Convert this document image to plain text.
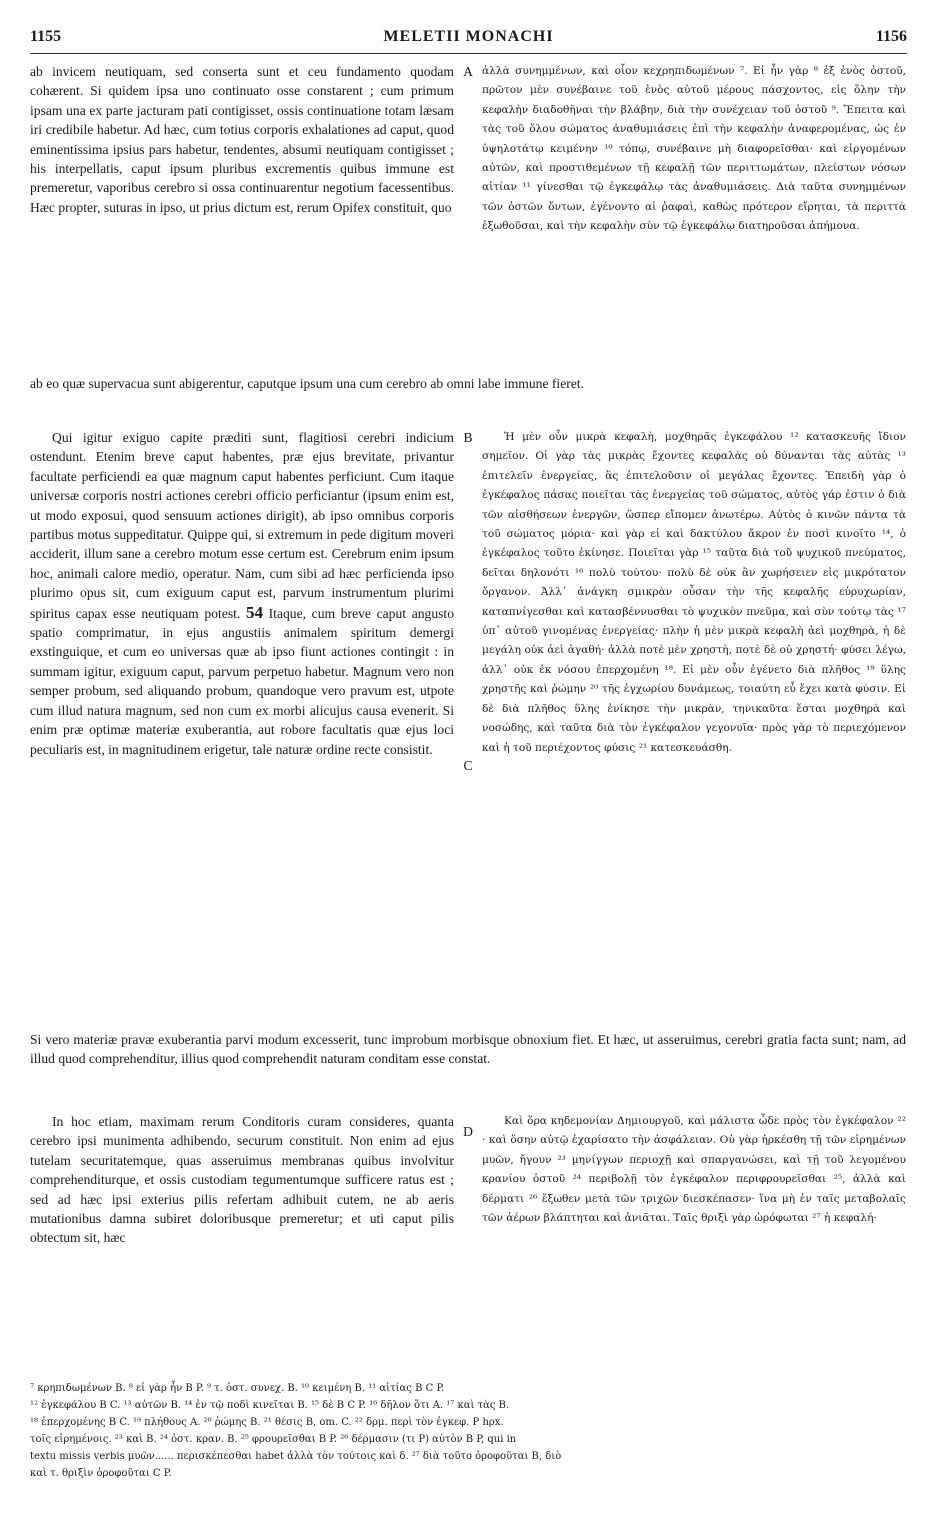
1155	MELETII MONACHI	1156

ab invicem neutiquam, sed conserta sunt et ceu fundamento quodam cohærent. Si quidem ipsa uno continuato osse constarent ; cum primum ipsam una ex parte jacturam pati contigisset, ossis continuatione totam læsam iri credibile habetur. Ad hæc, cum totius corporis exhalationes ad caput, quod eminentissima ipsius pars habetur, tendentes, absumi neutiquam contigisset ; his interpellatis, caput ipsum pluribus excrementis quibus immune est premeretur, vaporibus cerebro si ossa continuarentur negotium facessentibus. Hæc propter, suturas in ipso, ut prius dictum est, rerum Opifex constituit, quo

A ἀλλὰ συνημμένων, καὶ οἷον κεχρηπιδωμένων ⁷. Εἰ ἦν γὰρ ⁸ ἐξ ἑνὸς ὀστοῦ, πρῶτον μὲν συνέβαινε τοῦ ἑνὸς αὐτοῦ μέρους πάσχοντος, εἰς ὅλην τὴν κεφαλὴν διαδοθῆναι τὴν βλάβην, διὰ τὴν συνέχειαν τοῦ ὀστοῦ ⁹. Ἔπειτα καὶ τὰς τοῦ ὅλου σώματος ἀναθυμιάσεις ἐπὶ τὴν κεφαλὴν ἀναφερομένας, ὡς ἐν ὑψηλοτάτῳ κειμένην ¹⁰ τόπῳ, συνέβαινε μὴ διαφορεῖσθαι· καὶ εἰργομένων αὐτῶν, καὶ προστιθεμένων τῇ κεφαλῇ τῶν περιττωμάτων, πλείστων νόσων αἰτίαν ¹¹ γίνεσθαι τῷ ἐγκεφάλῳ τὰς ἀναθυμιάσεις. Διὰ ταῦτα συνημμένων τῶν ὀστῶν ὄντων, ἐγένοντο αἱ ῥαφαὶ, καθὼς πρότερον εἴρηται, τὰ περιττὰ ἐξωθοῦσαι, καὶ τὴν κεφαλὴν σὺν τῷ ἐγκεφάλῳ διατηροῦσαι ἀπήμονα.

ab eo quæ supervacua sunt abigerentur, caputque ipsum una cum cerebro ab omni labe immune fieret.

Qui igitur exiguo capite præditi sunt, flagitiosi cerebri indicium ostendunt. Etenim breve caput habentes, præ ejus brevitate, privantur facultate perficiendi ea quæ magnum caput habentes perficiunt. Cum itaque universæ corporis nostri actiones cerebri officio perficiantur (ipsum enim est, ut modo exposui, quod sensuum actiones dirigit), ab ipso omnibus corporis partibus motus suppeditatur. Quippe qui, si extremum in pede digitum moveri acciderit, illum sane a cerebro motum esse certum est. Cerebrum enim ipsum hoc, animali calore medio, operatur. Nam, cum sibi ad hæc perficienda ipso plurimo opus sit, cum exiguum caput est, parvum instrumentum plurimi spiritus capax esse neutiquam potest. 54 Itaque, cum breve caput angusto spatio comprimatur, in ejus angustiis animalem spiritum demergi exstinguique, et cum eo universas quæ ab ipso fiunt actiones contingit : in summam igitur, exiguum caput, parvum perpetuo habetur. Magnum vero non semper probum, sed aliquando probum, quandoque vero pravum est, utpote cum illud natura magnum, sed non cum ex morbi alicujus causa evenerit. Si enim præ optimæ materiæ exuberantia, aut robore facultatis quæ ejus loci peculiaris est, in magnitudinem erigetur, tale naturæ ordine recte consistit.

B
C

Ἡ μὲν οὖν μικρὰ κεφαλὴ, μοχθηρᾶς ἐγκεφάλου ¹² κατασκευῆς ἴδιον σημεῖον. Οἱ γὰρ τὰς μικρὰς ἔχοντες κεφαλὰς οὐ δύνανται τὰς αὐτὰς ¹³ ἐπιτελεῖν ἐνεργείας, ἃς ἐπιτελοῦσιν οἱ μεγάλας ἔχοντες. Ἐπειδὴ γὰρ ὁ ἐγκέφαλος πάσας ποιεῖται τὰς ἐνεργείας τοῦ σώματος, αὐτὸς γάρ ἐστιν ὁ διὰ τῶν αἰσθήσεων ἐνεργῶν, ὥσπερ εἴπομεν ἀνωτέρω. Αὐτὸς ὁ κινῶν πάντα τὰ τοῦ σώματος μόρια· καὶ γὰρ εἰ καὶ δακτύλου ἄκρον ἐν ποσὶ κινοῖτο ¹⁴, ὁ ἐγκέφαλος τοῦτο ἐκίνησε. Ποιεῖται γὰρ ¹⁵ ταῦτα διὰ τοῦ ψυχικοῦ πνεύματος, δεῖται δηλονότι ¹⁶ πολὺ τούτου· πολὺ δὲ οὐκ ἂν χωρήσειεν εἰς μικρότατον ὄργανον. Ἀλλ᾽ ἀνάγκη σμικρὰν οὖσαν τὴν τῆς κεφαλῆς εὐρυχωρίαν, καταπνίγεσθαι καὶ κατασβέννυσθαι τὸ ψυχικὸν πνεῦμα, καὶ σὺν τούτῳ τὰς ¹⁷ ὑπ᾽ αὐτοῦ γινομένας ἐνεργείας· πλὴν ἡ μὲν μικρὰ κεφαλὴ ἀεὶ μοχθηρὰ, ἡ δὲ μεγάλη οὐκ ἀεὶ ἀγαθή· ἀλλὰ ποτὲ μὲν χρηστὴ, ποτὲ δὲ οὐ χρηστή· φύσει λέγω, ἀλλ᾽ οὐκ ἐκ νόσου ἐπερχομένη ¹⁸. Εἰ μὲν οὖν ἐγένετο διὰ πλῆθος ¹⁹ ὕλης χρηστῆς καὶ ῥώμην ²⁰ τῆς ἐγχωρίου δυνάμεως, τοιαύτη εὖ ἔχει κατὰ φύσιν. Εἰ δὲ διὰ πλῆθος ὕλης ἐνίκησε τὴν μικρὰν, τηνικαῦτα ἔσται μοχθηρὰ καὶ νοσώδης, καὶ ταῦτα διὰ τὸν ἐγκέφαλον γεγονυῖα· πρὸς γὰρ τὸ περιεχόμενον καὶ ἡ τοῦ περιέχοντος φύσις ²¹ κατεσκευάσθη.

Si vero materiæ pravæ exuberantia parvi modum excesserit, tunc improbum morbisque obnoxium fiet. Et hæc, ut asseruimus, cerebri gratia facta sunt; nam, ad illud quod comprehenditur, illius quod comprehendit naturam conditam esse constat.

In hoc etiam, maximam rerum Conditoris curam consideres, quanta cerebro ipsi munimenta adhibendo, securum constituit. Non enim ad ejus tutelam securitatemque, quas asseruimus membranas quibus involvitur comprehenditurque, et ossis custodiam tegumentumque sufficere ratus est ; sed ad hæc ipsi exterius pilis refertam adhibuit cutem, ne ab aeris mutationibus damna subiret doloribusque premeretur; et uti caput pilis obtectum sit, hæc

D

Καὶ ὅρα κηδεμονίαν Δημιουργοῦ, καὶ μάλιστα ὧδε πρὸς τὸν ἐγκέφαλον ²² · καὶ ὅσην αὐτῷ ἐχαρίσατο τὴν ἀσφάλειαν. Οὐ γὰρ ἠρκέσθη τῇ τῶν εἰρημένων μυῶν, ἤγουν ²³ μηνίγγων περιοχῇ καὶ σπαργανώσει, καὶ τῇ τοῦ λεγομένου κρανίου ὀστοῦ ²⁴ περιβολῇ τὸν ἐγκέφαλον περιφρουρεῖσθαι ²⁵, ἀλλὰ καὶ δέρματι ²⁶ ἔξωθεν μετὰ τῶν τριχῶν διεσκέπασεν· ἵνα μὴ ἐν ταῖς μεταβολαῖς τῶν ἀέρων βλάπτηται καὶ ἀνιᾶται. Ταῖς θριξὶ γὰρ ὠρόφωται ²⁷ ἡ κεφαλή·

⁷ κρηπιδωμένων B. ⁸ εἰ γὰρ ἦν B P. ⁹ τ. ὀστ. συνεχ. B. ¹⁰ κειμένη B. ¹¹ αἰτίας B C P.

¹² ἐγκεφάλου B C. ¹³ αὐτῶν B. ¹⁴ ἐν τῷ ποδὶ κινεῖται B. ¹⁵ δὲ B C P. ¹⁶ δῆλον ὅτι A. ¹⁷ καὶ τὰς B.

¹⁸ ἐπερχομένης B C. ¹⁹ πλήθους A. ²⁰ ῥώμης B. ²¹ θέσις B, om. C. ²² δρμ. περὶ τὸν ἐγκεφ. P hρx.

τοῖς εἰρημένοις. ²³ καὶ B. ²⁴ ὀστ. κραν. B. ²⁵ φρουρεῖσθαι B P. ²⁶ δέρμασιν (τι P) αὐτὸν B P, qui in

textu missis verbis μυῶν...... περισκέπεσθαι habet ἀλλὰ τὸν τούτοις καὶ δ. ²⁷ διὰ τοῦτο ὀροφοῦται B, διὸ

καὶ τ. θριξὶν ὀροφοῦται C P.
